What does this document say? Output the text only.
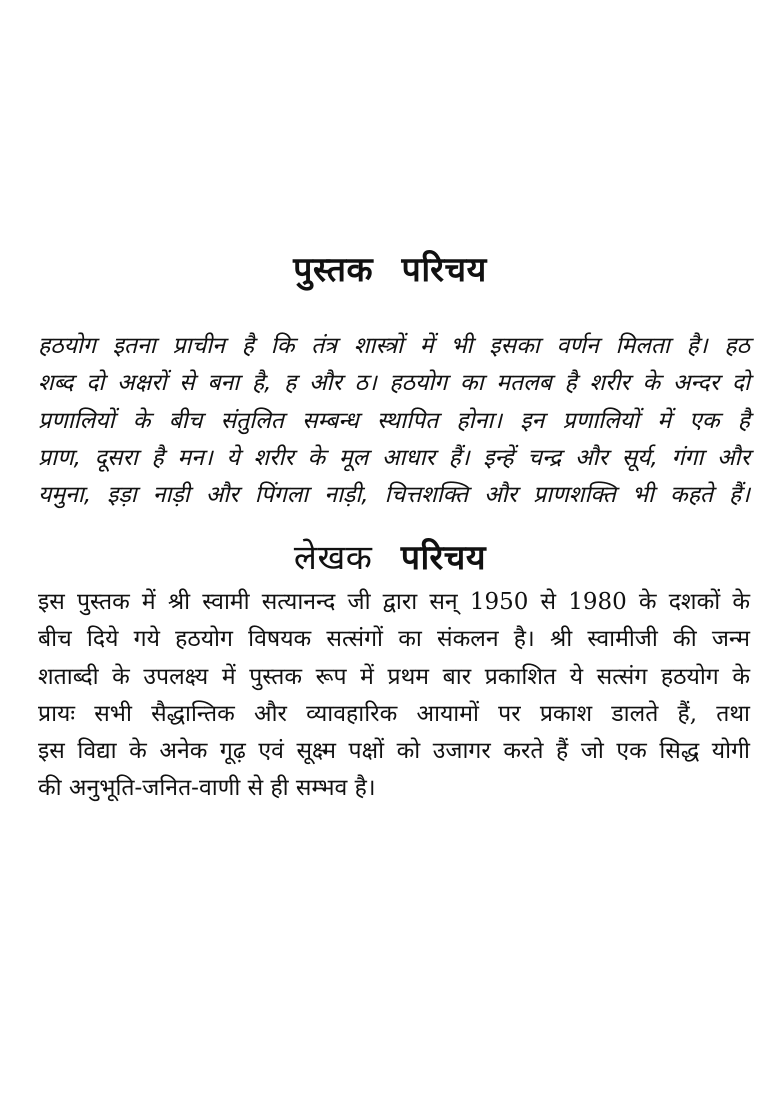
पुस्तक परिचय

हठयोग इतना प्राचीन है कि तंत्र शास्त्रों में भी इसका वर्णन मिलता है। हठ
शब्द दो अक्षरों से बना है, ह और ठ। हठयोग का मतलब है शरीर के अन्दर दो
प्रणालियों के बीच संतुलित सम्बन्ध स्थापित होना। इन प्रणालियों में एक है
प्राण, दूसरा है मन। ये शरीर के मूल आधार हैं। इन्हें चन्द्र और सूर्य, गंगा और
यमुना, इड़ा नाड़ी और पिंगला नाड़ी, चित्तशक्ति और प्राणशक्ति भी कहते हैं।

लेखक परिचय

इस पुस्तक में श्री स्वामी सत्यानन्द जी द्वारा सन् 1950 से 1980 के दशकों के
बीच दिये गये हठयोग विषयक सत्संगों का संकलन है। श्री स्वामीजी की जन्म
शताब्दी के उपलक्ष्य में पुस्तक रूप में प्रथम बार प्रकाशित ये सत्संग हठयोग के
प्रायः सभी सैद्धान्तिक और व्यावहारिक आयामों पर प्रकाश डालते हैं, तथा
इस विद्या के अनेक गूढ़ एवं सूक्ष्म पक्षों को उजागर करते हैं जो एक सिद्ध योगी
की अनुभूति-जनित-वाणी से ही सम्भव है।
